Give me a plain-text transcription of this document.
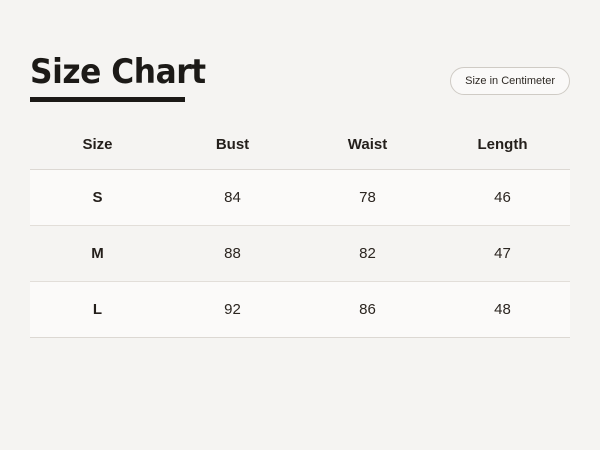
Size Chart	Size in Centimeter
Size	Bust	Waist	Length
S	84	78	46
M	88	82	47
L	92	86	48
